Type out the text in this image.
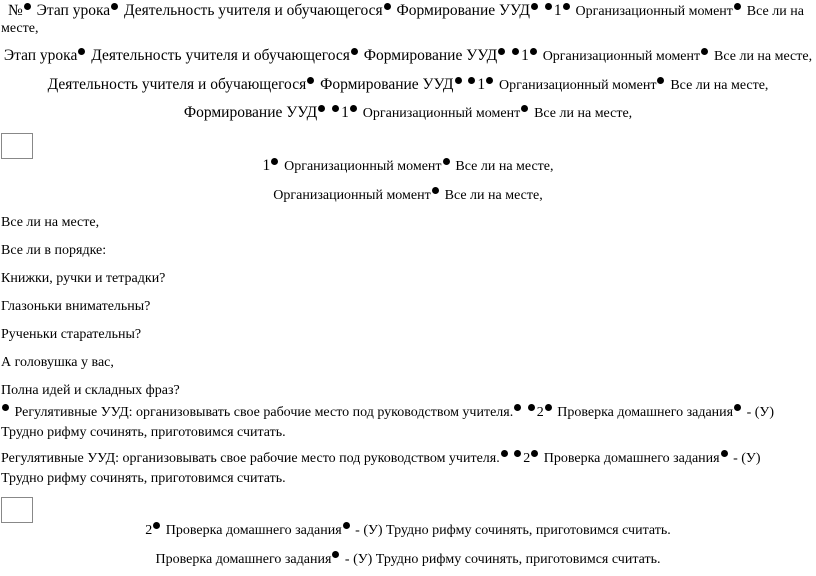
№ Этап урока Деятельность учителя и обучающегося Формирование УУД 1 Организационный момент Все ли на
месте,
Этап урока Деятельность учителя и обучающегося Формирование УУД 1 Организационный момент Все ли на месте,
Деятельность учителя и обучающегося Формирование УУД 1 Организационный момент Все ли на месте,
Формирование УУД 1 Организационный момент Все ли на месте,
1 Организационный момент Все ли на месте,
Организационный момент Все ли на месте,
Все ли на месте,
Все ли в порядке:
Книжки, ручки и тетрадки?
Глазоньки внимательны?
Рученьки старательны?
А головушка у вас,
Полна идей и складных фраз?
Регулятивные УУД: организовывать свое рабочие место под руководством учителя. 2 Проверка домашнего задания - (У)
Трудно рифму сочинять, приготовимся считать.
Регулятивные УУД: организовывать свое рабочие место под руководством учителя. 2 Проверка домашнего задания - (У)
Трудно рифму сочинять, приготовимся считать.
2 Проверка домашнего задания - (У) Трудно рифму сочинять, приготовимся считать.
Проверка домашнего задания - (У) Трудно рифму сочинять, приготовимся считать.
